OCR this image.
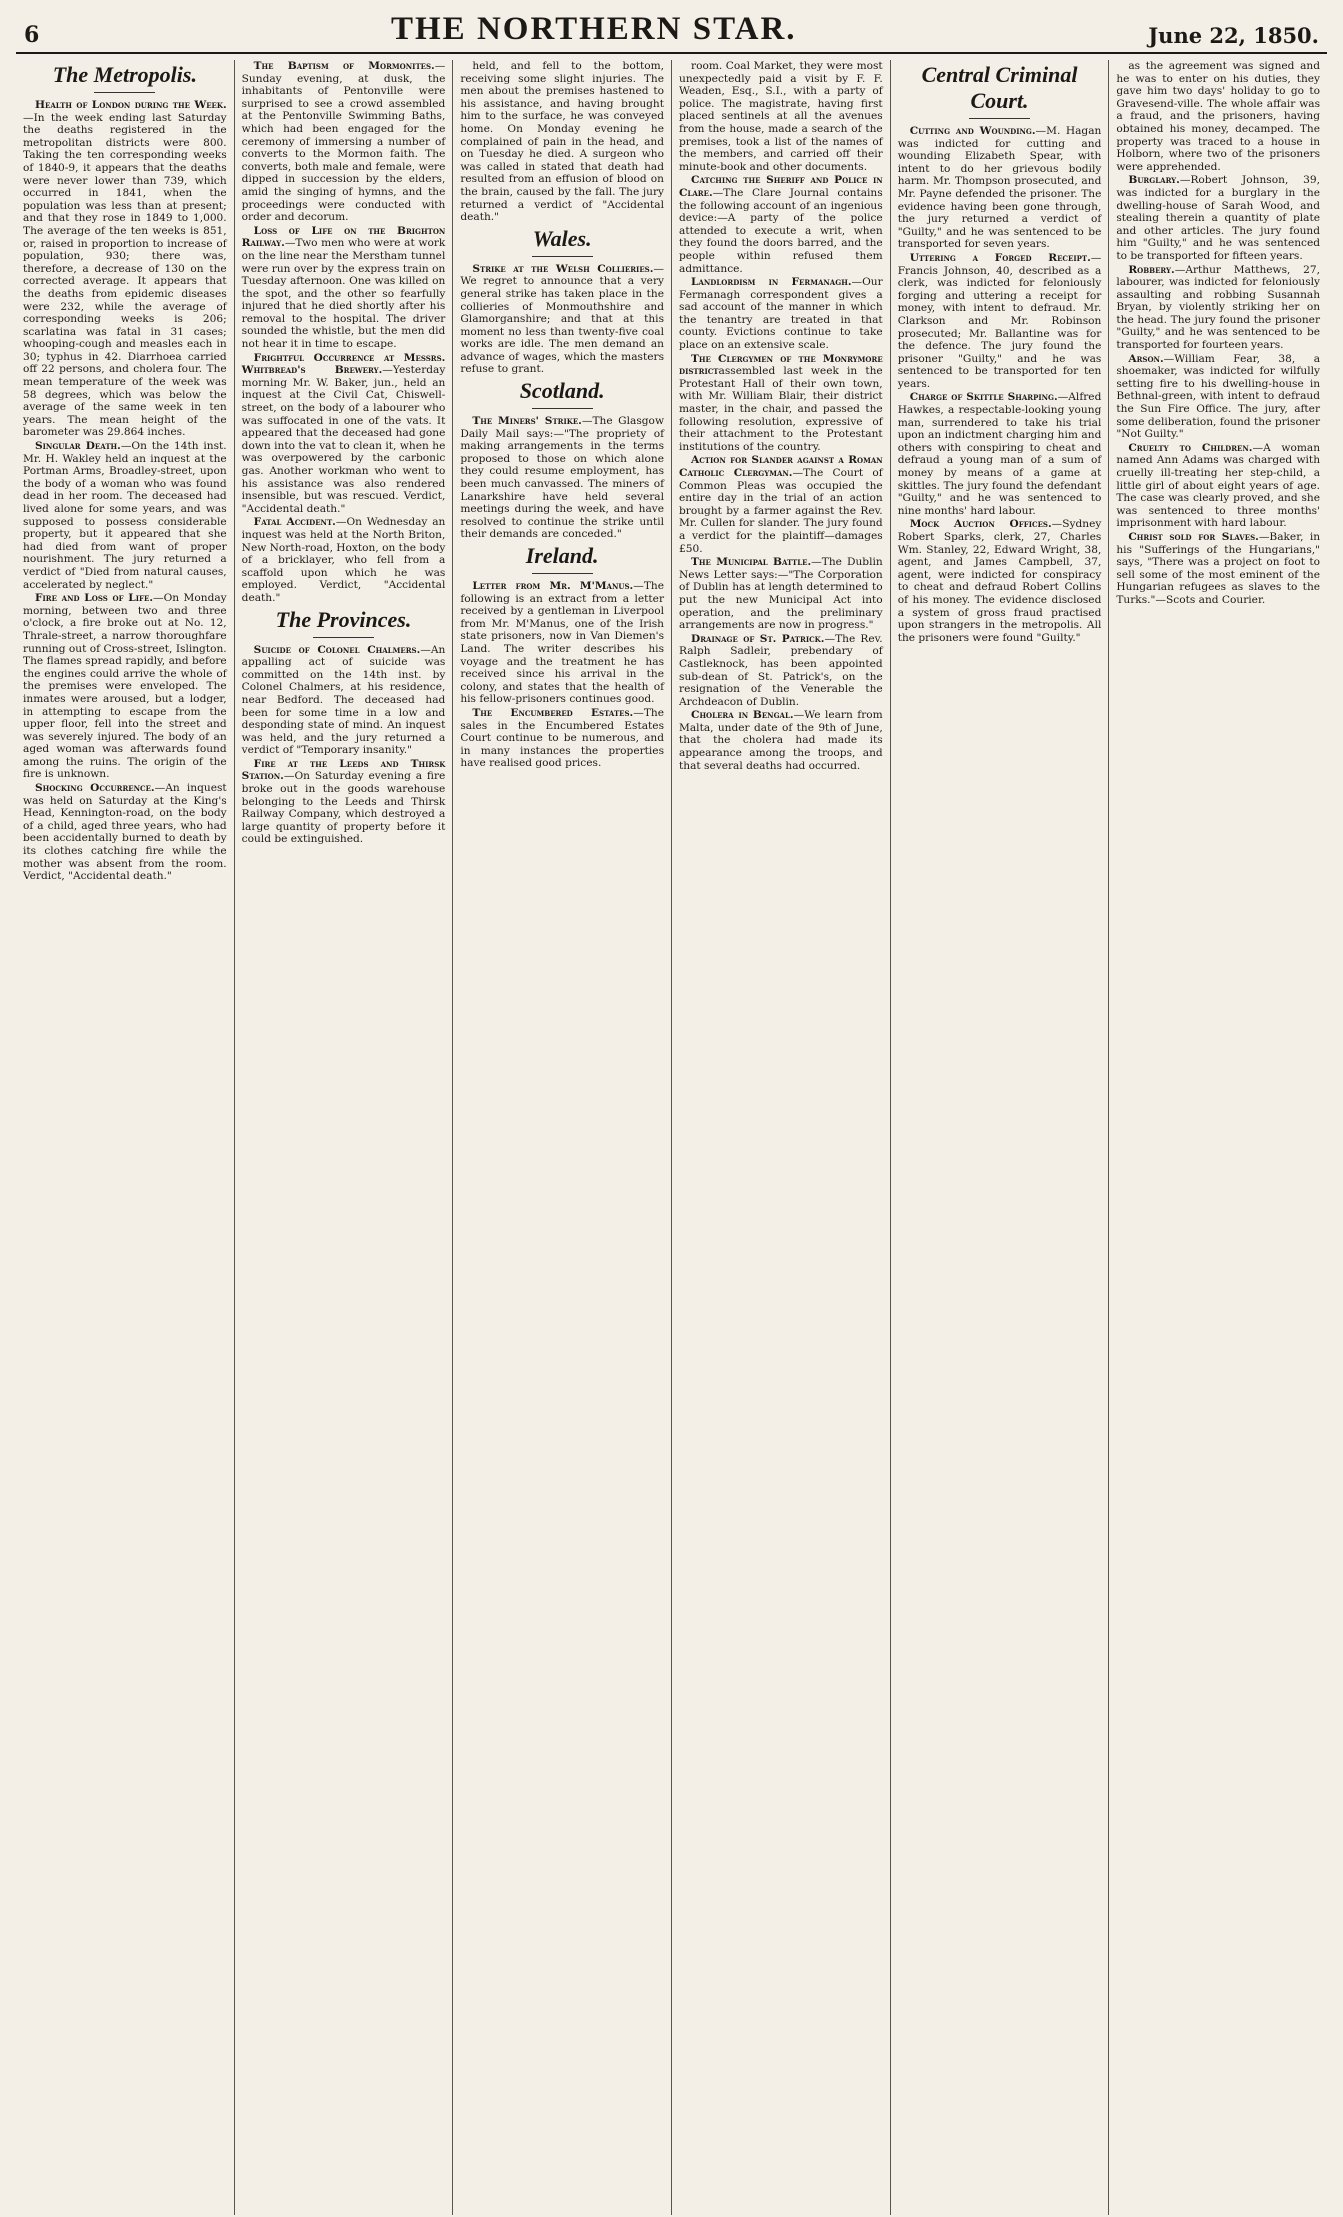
6	THE NORTHERN STAR.	June 22, 1850.
The Metropolis.

Health of London during the Week.—In the week ending last Saturday the deaths registered in the metropolitan districts were 800. Taking the ten corresponding weeks of 1840-9, it appears that the deaths were never lower than 739, which occurred in 1841, when the population was less than at present; and that they rose in 1849 to 1,000. The average of the ten weeks is 851, or, raised in proportion to increase of population, 930; there was, therefore, a decrease of 130 on the corrected average. It appears that the deaths from epidemic diseases were 232, while the average of corresponding weeks is 206; scarlatina was fatal in 31 cases; whooping-cough and measles each in 30; typhus in 42. Diarrhoea carried off 22 persons, and cholera four. The mean temperature of the week was 58 degrees, which was below the average of the same week in ten years. The mean height of the barometer was 29.864 inches.

Singular Death.—On the 14th inst. Mr. H. Wakley held an inquest at the Portman Arms, Broadley-street, upon the body of a woman who was found dead in her room. The deceased had lived alone for some years, and was supposed to possess considerable property, but it appeared that she had died from want of proper nourishment. The jury returned a verdict of "Died from natural causes, accelerated by neglect."

Fire and Loss of Life.—On Monday morning, between two and three o'clock, a fire broke out at No. 12, Thrale-street, a narrow thoroughfare running out of Cross-street, Islington. The flames spread rapidly, and before the engines could arrive the whole of the premises were enveloped. The inmates were aroused, but a lodger, in attempting to escape from the upper floor, fell into the street and was severely injured. The body of an aged woman was afterwards found among the ruins. The origin of the fire is unknown.

Shocking Occurrence.—An inquest was held on Saturday at the King's Head, Kennington-road, on the body of a child, aged three years, who had been accidentally burned to death by its clothes catching fire while the mother was absent from the room. Verdict, "Accidental death."

The Baptism of Mormonites.—Sunday evening, at dusk, the inhabitants of Pentonville were surprised to see a crowd assembled at the Pentonville Swimming Baths, which had been engaged for the ceremony of immersing a number of converts to the Mormon faith. The converts, both male and female, were dipped in succession by the elders, amid the singing of hymns, and the proceedings were conducted with order and decorum.

Loss of Life on the Brighton Railway.—Two men who were at work on the line near the Merstham tunnel were run over by the express train on Tuesday afternoon. One was killed on the spot, and the other so fearfully injured that he died shortly after his removal to the hospital. The driver sounded the whistle, but the men did not hear it in time to escape.

Frightful Occurrence at Messrs. Whitbread's Brewery.—Yesterday morning Mr. W. Baker, jun., held an inquest at the Civil Cat, Chiswell-street, on the body of a labourer who was suffocated in one of the vats. It appeared that the deceased had gone down into the vat to clean it, when he was overpowered by the carbonic gas. Another workman who went to his assistance was also rendered insensible, but was rescued. Verdict, "Accidental death."

Fatal Accident.—On Wednesday an inquest was held at the North Briton, New North-road, Hoxton, on the body of a bricklayer, who fell from a scaffold upon which he was employed. Verdict, "Accidental death."

The Provinces.

Suicide of Colonel Chalmers.—An appalling act of suicide was committed on the 14th inst. by Colonel Chalmers, at his residence, near Bedford. The deceased had been for some time in a low and desponding state of mind. An inquest was held, and the jury returned a verdict of "Temporary insanity."

Fire at the Leeds and Thirsk Station.—On Saturday evening a fire broke out in the goods warehouse belonging to the Leeds and Thirsk Railway Company, which destroyed a large quantity of property before it could be extinguished.

held, and fell to the bottom, receiving some slight injuries. The men about the premises hastened to his assistance, and having brought him to the surface, he was conveyed home. On Monday evening he complained of pain in the head, and on Tuesday he died. A surgeon who was called in stated that death had resulted from an effusion of blood on the brain, caused by the fall. The jury returned a verdict of "Accidental death."

Wales.

Strike at the Welsh Collieries.—We regret to announce that a very general strike has taken place in the collieries of Monmouthshire and Glamorganshire; and that at this moment no less than twenty-five coal works are idle. The men demand an advance of wages, which the masters refuse to grant.

Scotland.

The Miners' Strike.—The Glasgow Daily Mail says:—"The propriety of making arrangements in the terms proposed to those on which alone they could resume employment, has been much canvassed. The miners of Lanarkshire have held several meetings during the week, and have resolved to continue the strike until their demands are conceded."

Ireland.

Letter from Mr. M'Manus.—The following is an extract from a letter received by a gentleman in Liverpool from Mr. M'Manus, one of the Irish state prisoners, now in Van Diemen's Land. The writer describes his voyage and the treatment he has received since his arrival in the colony, and states that the health of his fellow-prisoners continues good.

The Encumbered Estates.—The sales in the Encumbered Estates Court continue to be numerous, and in many instances the properties have realised good prices.

room. Coal Market, they were most unexpectedly paid a visit by F. F. Weaden, Esq., S.I., with a party of police. The magistrate, having first placed sentinels at all the avenues from the house, made a search of the premises, took a list of the names of the members, and carried off their minute-book and other documents.

Catching the Sheriff and Police in Clare.—The Clare Journal contains the following account of an ingenious device:—A party of the police attended to execute a writ, when they found the doors barred, and the people within refused them admittance.

Landlordism in Fermanagh.—Our Fermanagh correspondent gives a sad account of the manner in which the tenantry are treated in that county. Evictions continue to take place on an extensive scale.

The Clergymen of the Monrymore districtassembled last week in the Protestant Hall of their own town, with Mr. William Blair, their district master, in the chair, and passed the following resolution, expressive of their attachment to the Protestant institutions of the country.

Action for Slander against a Roman Catholic Clergyman.—The Court of Common Pleas was occupied the entire day in the trial of an action brought by a farmer against the Rev. Mr. Cullen for slander. The jury found a verdict for the plaintiff—damages £50.

The Municipal Battle.—The Dublin News Letter says:—"The Corporation of Dublin has at length determined to put the new Municipal Act into operation, and the preliminary arrangements are now in progress."

Drainage of St. Patrick.—The Rev. Ralph Sadleir, prebendary of Castleknock, has been appointed sub-dean of St. Patrick's, on the resignation of the Venerable the Archdeacon of Dublin.

Cholera in Bengal.—We learn from Malta, under date of the 9th of June, that the cholera had made its appearance among the troops, and that several deaths had occurred.

Central Criminal Court.

Cutting and Wounding.—M. Hagan was indicted for cutting and wounding Elizabeth Spear, with intent to do her grievous bodily harm. Mr. Thompson prosecuted, and Mr. Payne defended the prisoner. The evidence having been gone through, the jury returned a verdict of "Guilty," and he was sentenced to be transported for seven years.

Uttering a Forged Receipt.—Francis Johnson, 40, described as a clerk, was indicted for feloniously forging and uttering a receipt for money, with intent to defraud. Mr. Clarkson and Mr. Robinson prosecuted; Mr. Ballantine was for the defence. The jury found the prisoner "Guilty," and he was sentenced to be transported for ten years.

Charge of Skittle Sharping.—Alfred Hawkes, a respectable-looking young man, surrendered to take his trial upon an indictment charging him and others with conspiring to cheat and defraud a young man of a sum of money by means of a game at skittles. The jury found the defendant "Guilty," and he was sentenced to nine months' hard labour.

Mock Auction Offices.—Sydney Robert Sparks, clerk, 27, Charles Wm. Stanley, 22, Edward Wright, 38, agent, and James Campbell, 37, agent, were indicted for conspiracy to cheat and defraud Robert Collins of his money. The evidence disclosed a system of gross fraud practised upon strangers in the metropolis. All the prisoners were found "Guilty."

as the agreement was signed and he was to enter on his duties, they gave him two days' holiday to go to Gravesend-ville. The whole affair was a fraud, and the prisoners, having obtained his money, decamped. The property was traced to a house in Holborn, where two of the prisoners were apprehended.

Burglary.—Robert Johnson, 39, was indicted for a burglary in the dwelling-house of Sarah Wood, and stealing therein a quantity of plate and other articles. The jury found him "Guilty," and he was sentenced to be transported for fifteen years.

Robbery.—Arthur Matthews, 27, labourer, was indicted for feloniously assaulting and robbing Susannah Bryan, by violently striking her on the head. The jury found the prisoner "Guilty," and he was sentenced to be transported for fourteen years.

Arson.—William Fear, 38, a shoemaker, was indicted for wilfully setting fire to his dwelling-house in Bethnal-green, with intent to defraud the Sun Fire Office. The jury, after some deliberation, found the prisoner "Not Guilty."

Cruelty to Children.—A woman named Ann Adams was charged with cruelly ill-treating her step-child, a little girl of about eight years of age. The case was clearly proved, and she was sentenced to three months' imprisonment with hard labour.

Christ sold for Slaves.—Baker, in his "Sufferings of the Hungarians," says, "There was a project on foot to sell some of the most eminent of the Hungarian refugees as slaves to the Turks."—Scots and Courier.
